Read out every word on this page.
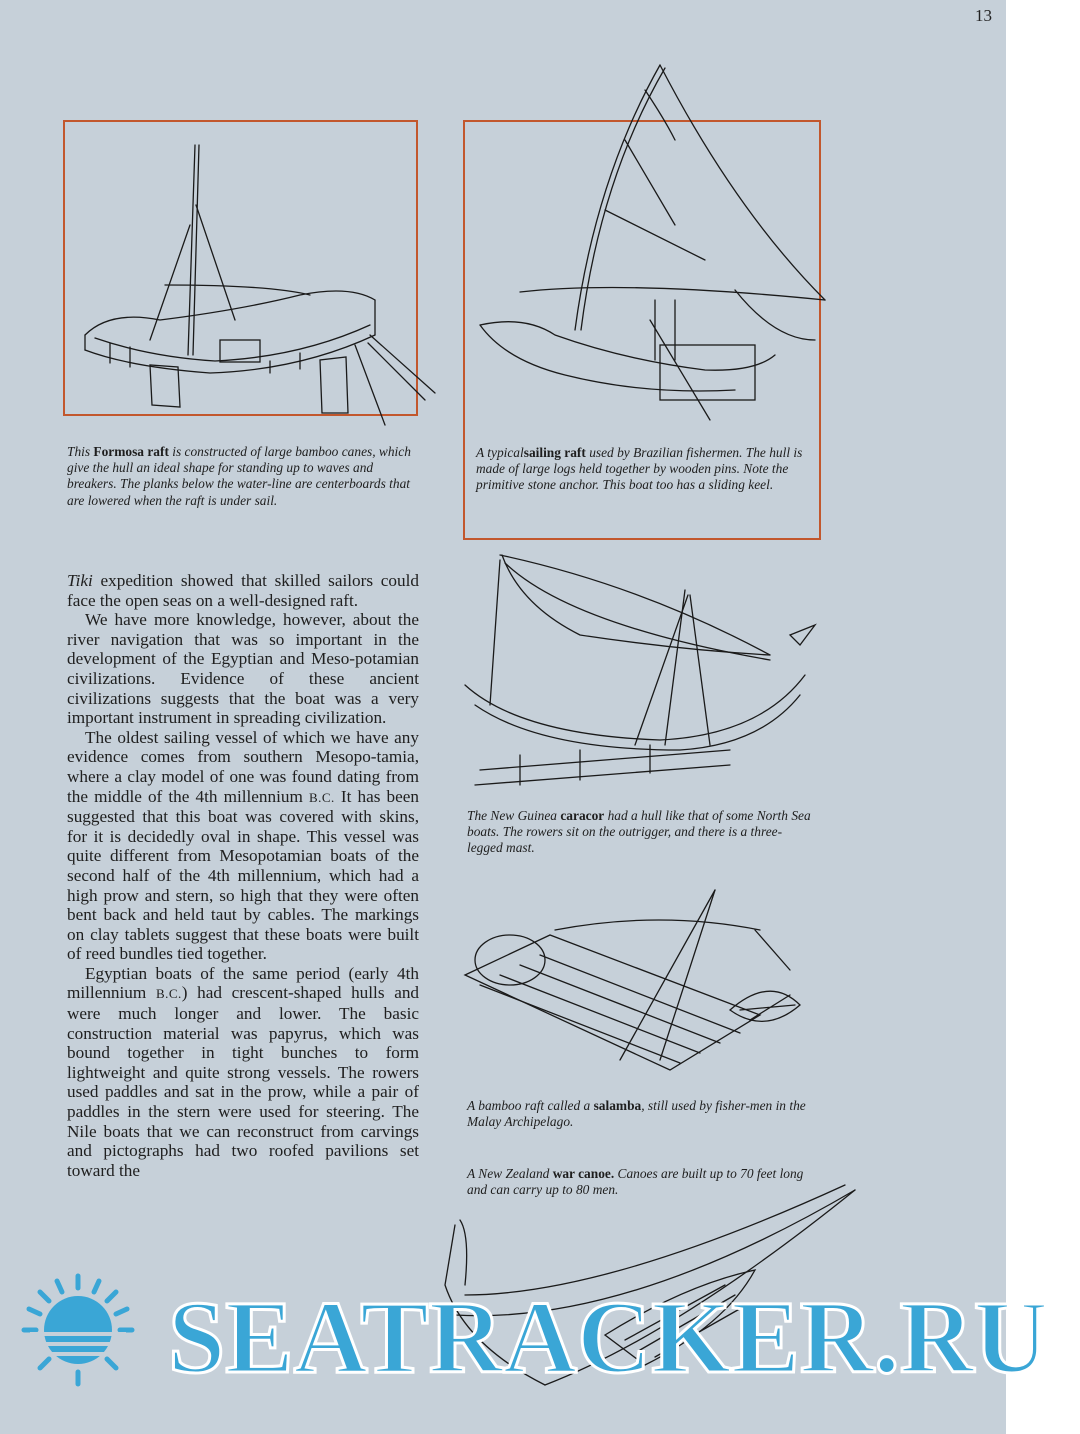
13
This Formosa raft is constructed of large bamboo canes, which give the hull an ideal shape for standing up to waves and breakers. The planks below the water-line are centerboards that are lowered when the raft is under sail.
A typicalsailing raft used by Brazilian fishermen. The hull is made of large logs held together by wooden pins. Note the primitive stone anchor. This boat too has a sliding keel.
The New Guinea caracor had a hull like that of some North Sea boats. The rowers sit on the outrigger, and there is a three-legged mast.
A bamboo raft called a salamba, still used by fisher-men in the Malay Archipelago.
A New Zealand war canoe. Canoes are built up to 70 feet long and can carry up to 80 men.

Tiki expedition showed that skilled sailors could face the open seas on a well-designed raft.

We have more knowledge, however, about the river navigation that was so important in the development of the Egyptian and Meso-potamian civilizations. Evidence of these ancient civilizations suggests that the boat was a very important instrument in spreading civilization.

The oldest sailing vessel of which we have any evidence comes from southern Mesopo-tamia, where a clay model of one was found dating from the middle of the 4th millennium B.C. It has been suggested that this boat was covered with skins, for it is decidedly oval in shape. This vessel was quite different from Mesopotamian boats of the second half of the 4th millennium, which had a high prow and stern, so high that they were often bent back and held taut by cables. The markings on clay tablets suggest that these boats were built of reed bundles tied together.

Egyptian boats of the same period (early 4th millennium B.C.) had crescent-shaped hulls and were much longer and lower. The basic construction material was papyrus, which was bound together in tight bunches to form lightweight and quite strong vessels. The rowers used paddles and sat in the prow, while a pair of paddles in the stern were used for steering. The Nile boats that we can reconstruct from carvings and pictographs had two roofed pavilions set toward the

SEATRACKER.RU
